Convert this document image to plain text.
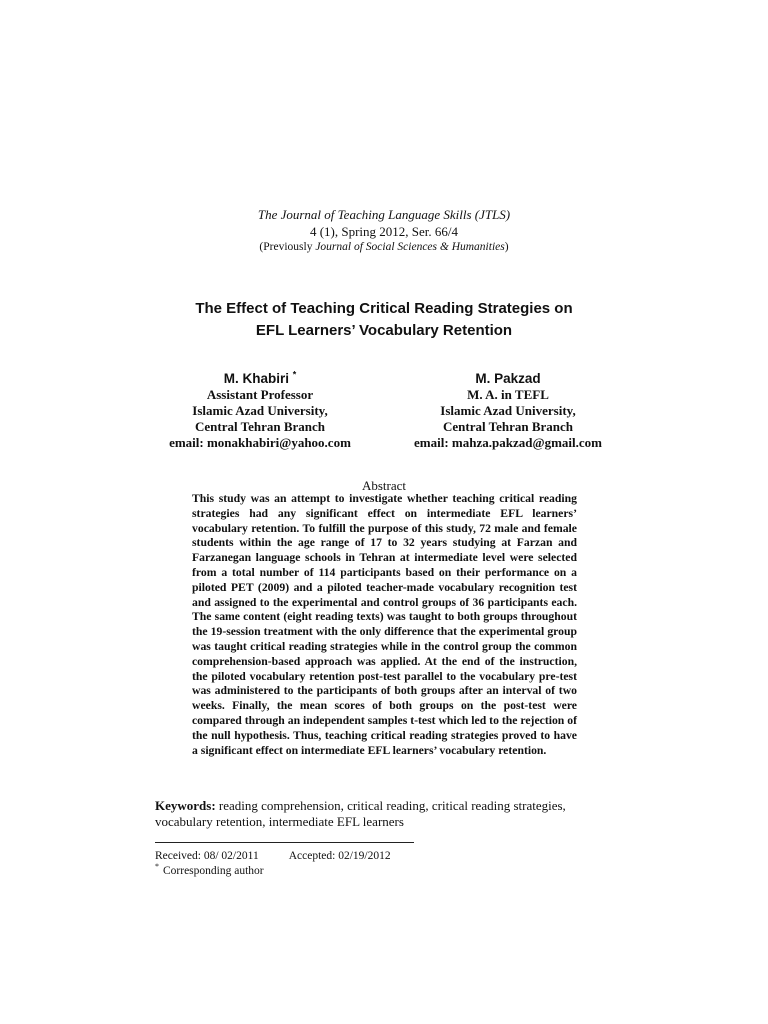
The Journal of Teaching Language Skills (JTLS)
4 (1), Spring 2012, Ser. 66/4
(Previously Journal of Social Sciences & Humanities)
The Effect of Teaching Critical Reading Strategies on
EFL Learners’ Vocabulary Retention
M. Khabiri *
Assistant Professor
Islamic Azad University,
Central Tehran Branch
email: monakhabiri@yahoo.com
M. Pakzad
M. A. in TEFL
Islamic Azad University,
Central Tehran Branch
email: mahza.pakzad@gmail.com
Abstract
This study was an attempt to investigate whether teaching critical reading strategies had any significant effect on intermediate EFL learners’ vocabulary retention. To fulfill the purpose of this study, 72 male and female students within the age range of 17 to 32 years studying at Farzan and Farzanegan language schools in Tehran at intermediate level were selected from a total number of 114 participants based on their performance on a piloted PET (2009) and a piloted teacher-made vocabulary recognition test and assigned to the experimental and control groups of 36 participants each. The same content (eight reading texts) was taught to both groups throughout the 19-session treatment with the only difference that the experimental group was taught critical reading strategies while in the control group the common comprehension-based approach was applied. At the end of the instruction, the piloted vocabulary retention post-test parallel to the vocabulary pre-test was administered to the participants of both groups after an interval of two weeks. Finally, the mean scores of both groups on the post-test were compared through an independent samples t-test which led to the rejection of the null hypothesis. Thus, teaching critical reading strategies proved to have a significant effect on intermediate EFL learners’ vocabulary retention.
Keywords: reading comprehension, critical reading, critical reading strategies, vocabulary retention, intermediate EFL learners
Received: 08/ 02/2011	Accepted: 02/19/2012
* Corresponding author
